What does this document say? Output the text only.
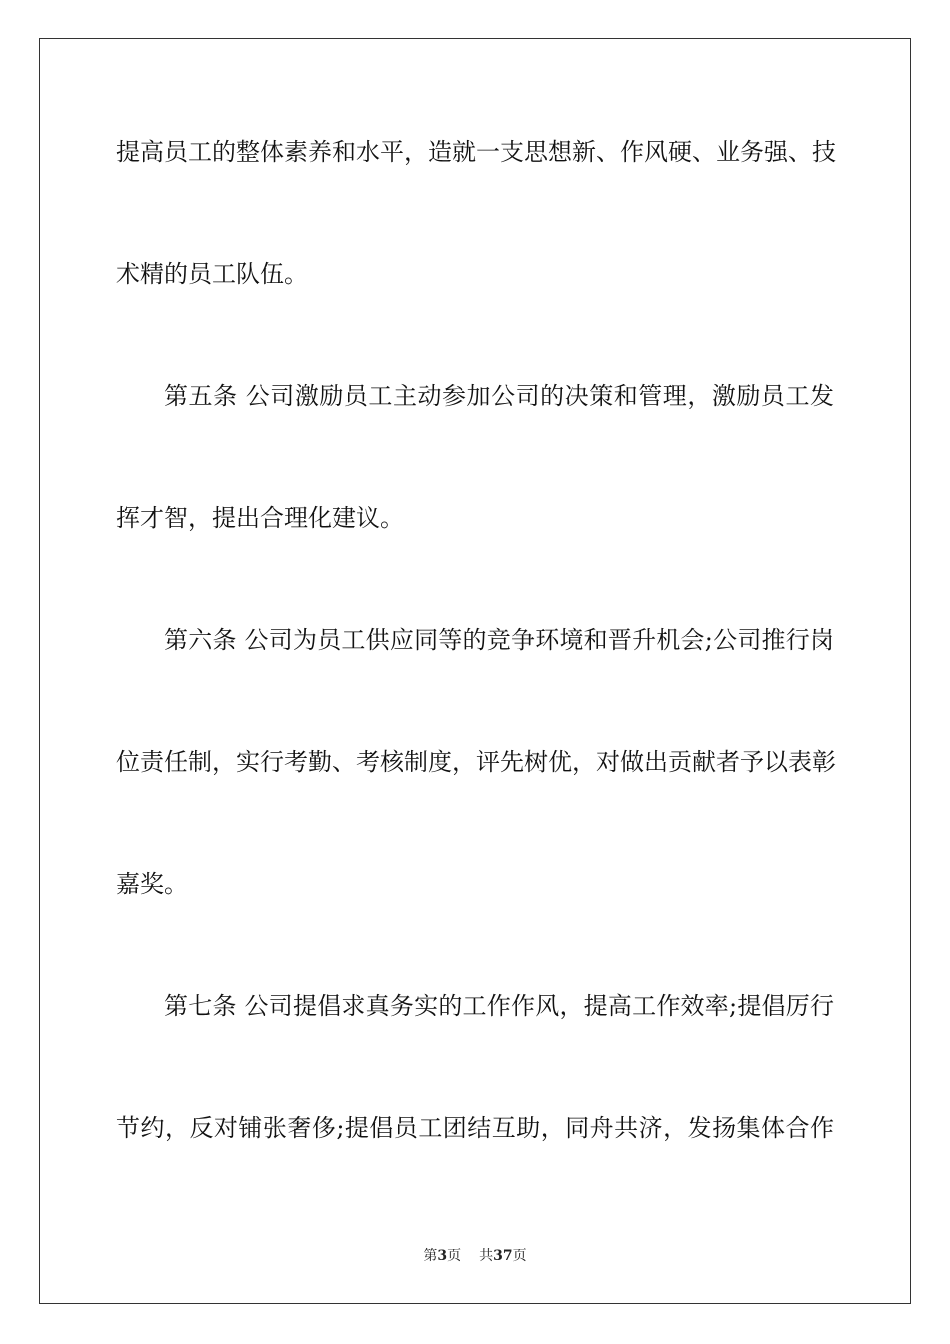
提高员工的整体素养和水平，造就一支思想新、作风硬、业务强、技
术精的员工队伍。
第五条 公司激励员工主动参加公司的决策和管理，激励员工发
挥才智，提出合理化建议。
第六条 公司为员工供应同等的竞争环境和晋升机会;公司推行岗
位责任制，实行考勤、考核制度，评先树优，对做出贡献者予以表彰
嘉奖。
第七条 公司提倡求真务实的工作作风，提高工作效率;提倡厉行
节约，反对铺张奢侈;提倡员工团结互助，同舟共济，发扬集体合作
第3页 共37页
